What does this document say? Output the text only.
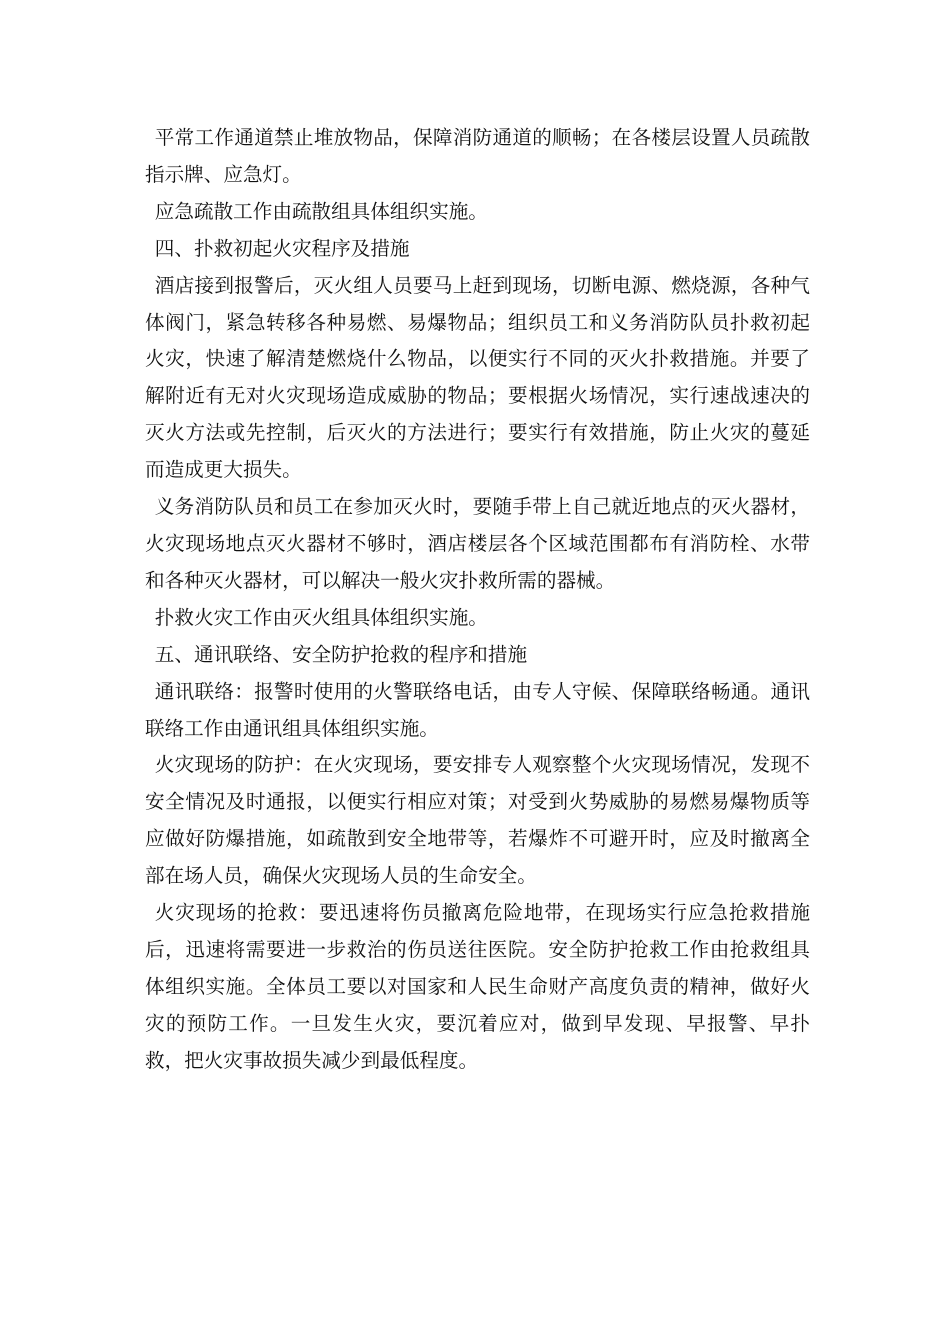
平常工作通道禁止堆放物品，保障消防通道的顺畅；在各楼层设置人员疏散指示牌、应急灯。

应急疏散工作由疏散组具体组织实施。

四、扑救初起火灾程序及措施

酒店接到报警后，灭火组人员要马上赶到现场，切断电源、燃烧源，各种气体阀门，紧急转移各种易燃、易爆物品；组织员工和义务消防队员扑救初起火灾，快速了解清楚燃烧什么物品，以便实行不同的灭火扑救措施。并要了解附近有无对火灾现场造成威胁的物品；要根据火场情况，实行速战速决的灭火方法或先控制，后灭火的方法进行；要实行有效措施，防止火灾的蔓延而造成更大损失。

义务消防队员和员工在参加灭火时，要随手带上自己就近地点的灭火器材，火灾现场地点灭火器材不够时，酒店楼层各个区域范围都布有消防栓、水带和各种灭火器材，可以解决一般火灾扑救所需的器械。

扑救火灾工作由灭火组具体组织实施。

五、通讯联络、安全防护抢救的程序和措施

通讯联络：报警时使用的火警联络电话，由专人守候、保障联络畅通。通讯联络工作由通讯组具体组织实施。

火灾现场的防护：在火灾现场，要安排专人观察整个火灾现场情况，发现不安全情况及时通报，以便实行相应对策；对受到火势威胁的易燃易爆物质等应做好防爆措施，如疏散到安全地带等，若爆炸不可避开时，应及时撤离全部在场人员，确保火灾现场人员的生命安全。

火灾现场的抢救：要迅速将伤员撤离危险地带，在现场实行应急抢救措施后，迅速将需要进一步救治的伤员送往医院。安全防护抢救工作由抢救组具体组织实施。全体员工要以对国家和人民生命财产高度负责的精神，做好火灾的预防工作。一旦发生火灾，要沉着应对，做到早发现、早报警、早扑救，把火灾事故损失减少到最低程度。
